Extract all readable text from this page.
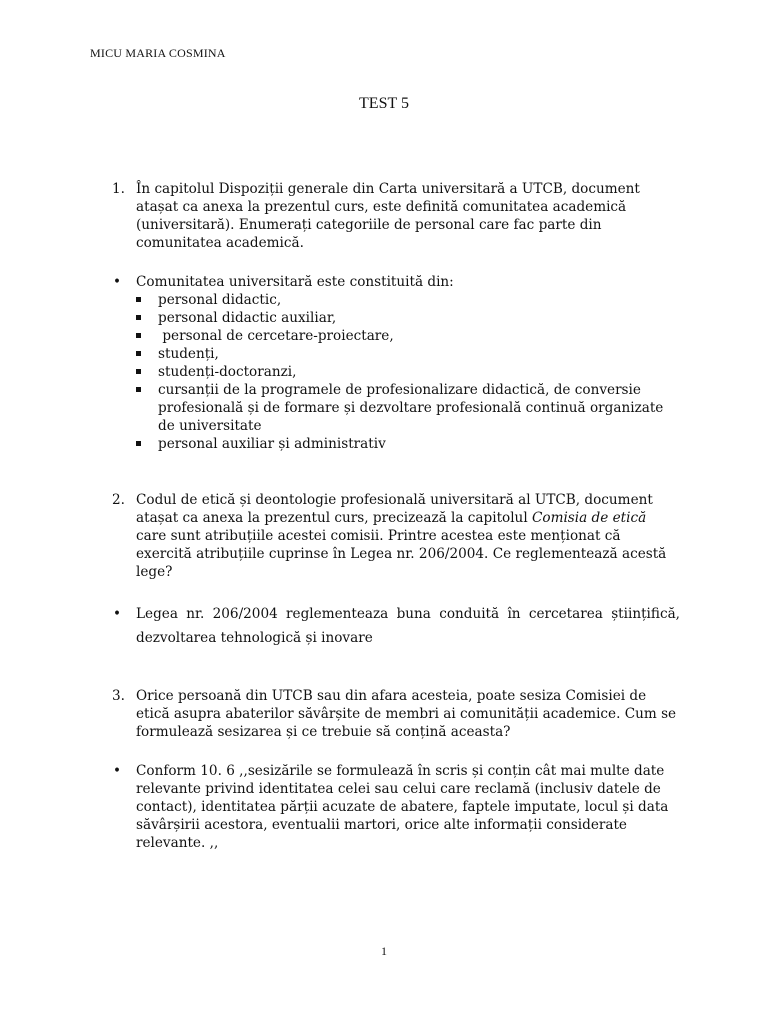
MICU MARIA COSMINA
TEST 5
1. În capitolul Dispoziții generale din Carta universitară a UTCB, document atașat ca anexa la prezentul curs, este definită comunitatea academică (universitară). Enumerați categoriile de personal care fac parte din comunitatea academică.
• Comunitatea universitară este constituită din:
personal didactic,
personal didactic auxiliar,
personal de cercetare-proiectare,
studenți,
studenți-doctoranzi,
cursanții de la programele de profesionalizare didactică, de conversie profesională și de formare și dezvoltare profesională continuă organizate de universitate
personal auxiliar și administrativ
2. Codul de etică și deontologie profesională universitară al UTCB, document atașat ca anexa la prezentul curs, precizează la capitolul Comisia de etică care sunt atribuțiile acestei comisii. Printre acestea este menționat că exercită atribuțiile cuprinse în Legea nr. 206/2004. Ce reglementează acestă lege?
• Legea nr. 206/2004 reglementeaza buna conduită în cercetarea științifică, dezvoltarea tehnologică și inovare
3. Orice persoană din UTCB sau din afara acesteia, poate sesiza Comisiei de etică asupra abaterilor săvârșite de membri ai comunității academice. Cum se formulează sesizarea și ce trebuie să conțină aceasta?
• Conform 10. 6 ,,sesizările se formulează în scris și conțin cât mai multe date relevante privind identitatea celei sau celui care reclamă (inclusiv datele de contact), identitatea părții acuzate de abatere, faptele imputate, locul și data săvârșirii acestora, eventualii martori, orice alte informații considerate relevante. ,,
1
